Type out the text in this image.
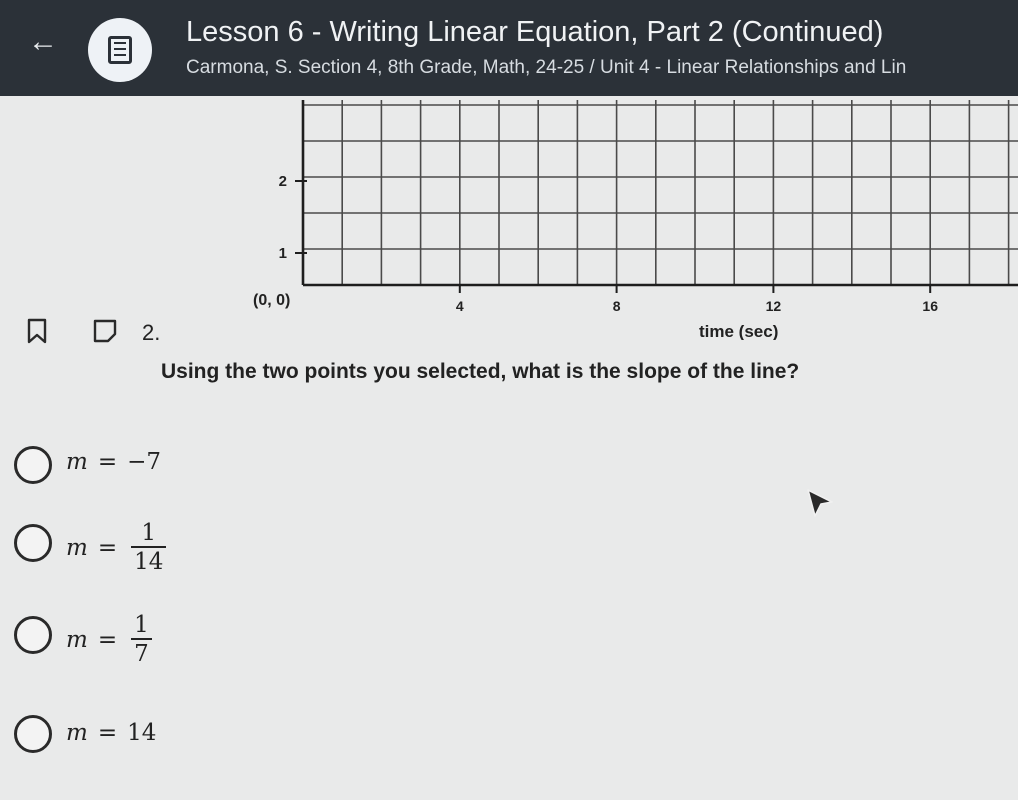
←	Lesson 6 - Writing Linear Equation, Part 2 (Continued)
Carmona, S. Section 4, 8th Grade, Math, 24-25 / Unit 4 - Linear Relationships and Lin
(0, 0)	4	8	12	16
1
2
time (sec)
2.
Using the two points you selected, what is the slope of the line?
m = −7
$m = \frac{1}{14}$
$m = \frac{1}{7}$
m = 14
